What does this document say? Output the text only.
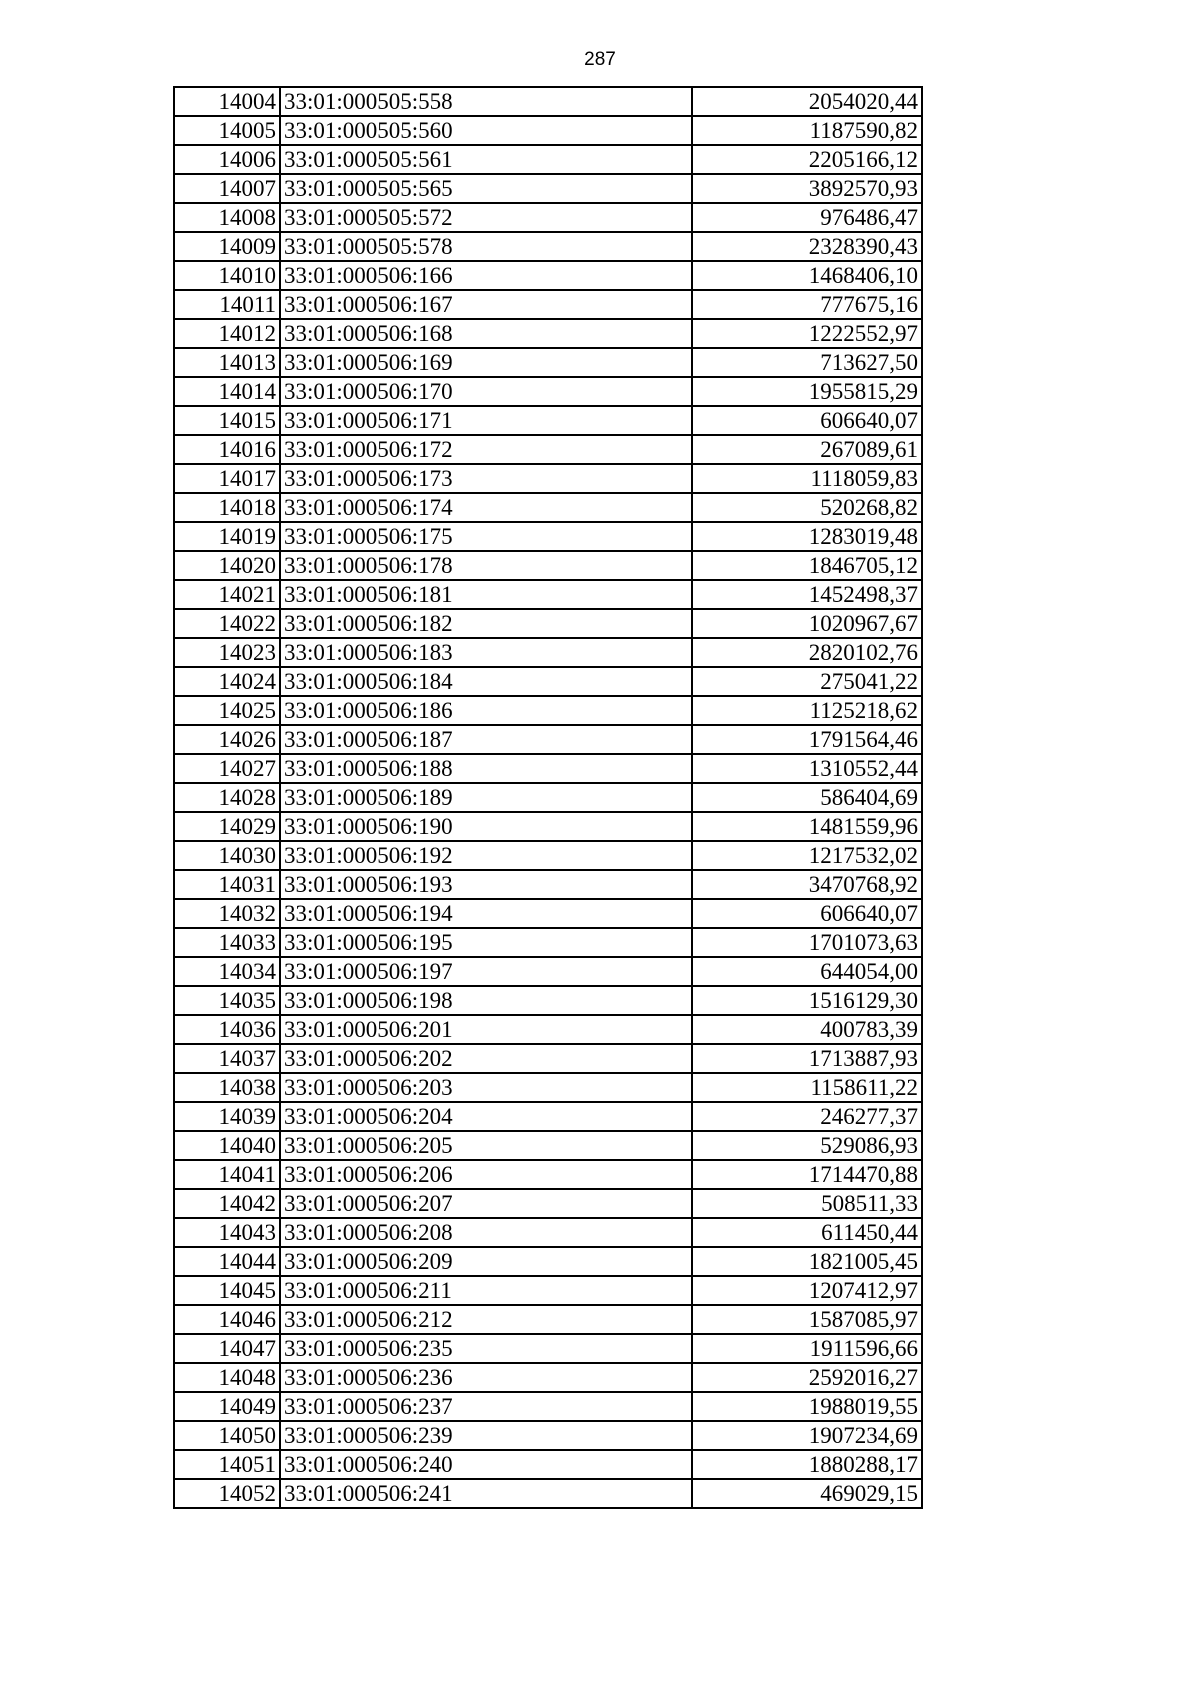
287
14004	33:01:000505:558	2054020,44
14005	33:01:000505:560	1187590,82
14006	33:01:000505:561	2205166,12
14007	33:01:000505:565	3892570,93
14008	33:01:000505:572	976486,47
14009	33:01:000505:578	2328390,43
14010	33:01:000506:166	1468406,10
14011	33:01:000506:167	777675,16
14012	33:01:000506:168	1222552,97
14013	33:01:000506:169	713627,50
14014	33:01:000506:170	1955815,29
14015	33:01:000506:171	606640,07
14016	33:01:000506:172	267089,61
14017	33:01:000506:173	1118059,83
14018	33:01:000506:174	520268,82
14019	33:01:000506:175	1283019,48
14020	33:01:000506:178	1846705,12
14021	33:01:000506:181	1452498,37
14022	33:01:000506:182	1020967,67
14023	33:01:000506:183	2820102,76
14024	33:01:000506:184	275041,22
14025	33:01:000506:186	1125218,62
14026	33:01:000506:187	1791564,46
14027	33:01:000506:188	1310552,44
14028	33:01:000506:189	586404,69
14029	33:01:000506:190	1481559,96
14030	33:01:000506:192	1217532,02
14031	33:01:000506:193	3470768,92
14032	33:01:000506:194	606640,07
14033	33:01:000506:195	1701073,63
14034	33:01:000506:197	644054,00
14035	33:01:000506:198	1516129,30
14036	33:01:000506:201	400783,39
14037	33:01:000506:202	1713887,93
14038	33:01:000506:203	1158611,22
14039	33:01:000506:204	246277,37
14040	33:01:000506:205	529086,93
14041	33:01:000506:206	1714470,88
14042	33:01:000506:207	508511,33
14043	33:01:000506:208	611450,44
14044	33:01:000506:209	1821005,45
14045	33:01:000506:211	1207412,97
14046	33:01:000506:212	1587085,97
14047	33:01:000506:235	1911596,66
14048	33:01:000506:236	2592016,27
14049	33:01:000506:237	1988019,55
14050	33:01:000506:239	1907234,69
14051	33:01:000506:240	1880288,17
14052	33:01:000506:241	469029,15
